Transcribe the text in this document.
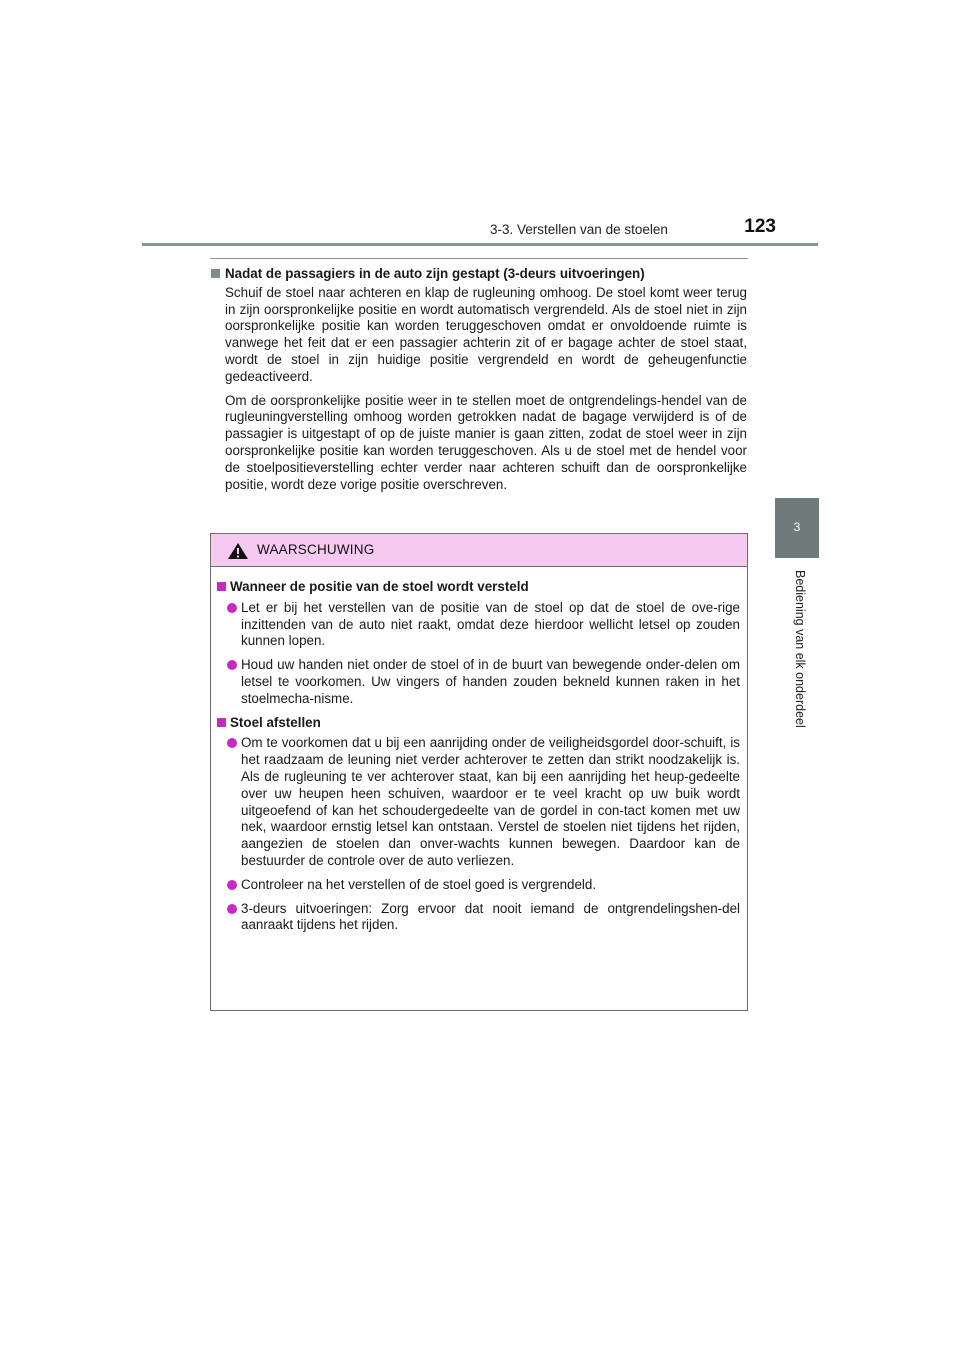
3-3. Verstellen van de stoelen	123
3
Bediening van elk onderdeel
Nadat de passagiers in de auto zijn gestapt (3-deurs uitvoeringen)

Schuif de stoel naar achteren en klap de rugleuning omhoog. De stoel komt weer terug in zijn oorspronkelijke positie en wordt automatisch vergrendeld. Als de stoel niet in zijn oorspronkelijke positie kan worden teruggeschoven omdat er onvoldoende ruimte is vanwege het feit dat er een passagier achterin zit of er bagage achter de stoel staat, wordt de stoel in zijn huidige positie vergrendeld en wordt de geheugenfunctie gedeactiveerd.

Om de oorspronkelijke positie weer in te stellen moet de ontgrendelings-hendel van de rugleuningverstelling omhoog worden getrokken nadat de bagage verwijderd is of de passagier is uitgestapt of op de juiste manier is gaan zitten, zodat de stoel weer in zijn oorspronkelijke positie kan worden teruggeschoven. Als u de stoel met de hendel voor de stoelpositieverstelling echter verder naar achteren schuift dan de oorspronkelijke positie, wordt deze vorige positie overschreven.

WAARSCHUWING
Wanneer de positie van de stoel wordt versteld
Let er bij het verstellen van de positie van de stoel op dat de stoel de ove-rige inzittenden van de auto niet raakt, omdat deze hierdoor wellicht letsel op zouden kunnen lopen.
Houd uw handen niet onder de stoel of in de buurt van bewegende onder-delen om letsel te voorkomen. Uw vingers of handen zouden bekneld kunnen raken in het stoelmecha-nisme.
Stoel afstellen
Om te voorkomen dat u bij een aanrijding onder de veiligheidsgordel door-schuift, is het raadzaam de leuning niet verder achterover te zetten dan strikt noodzakelijk is. Als de rugleuning te ver achterover staat, kan bij een aanrijding het heup-gedeelte over uw heupen heen schuiven, waardoor er te veel kracht op uw buik wordt uitgeoefend of kan het schoudergedeelte van de gordel in con-tact komen met uw nek, waardoor ernstig letsel kan ontstaan. Verstel de stoelen niet tijdens het rijden, aangezien de stoelen dan onver-wachts kunnen bewegen. Daardoor kan de bestuurder de controle over de auto verliezen.
Controleer na het verstellen of de stoel goed is vergrendeld.
3-deurs uitvoeringen: Zorg ervoor dat nooit iemand de ontgrendelingshen-del aanraakt tijdens het rijden.
